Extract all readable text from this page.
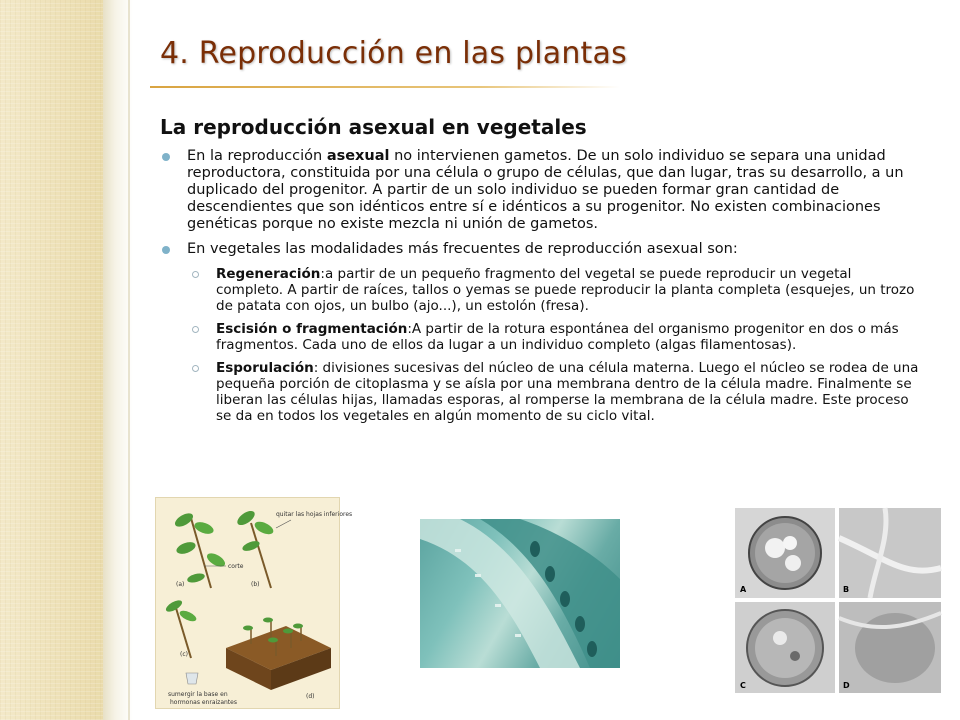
4. Reproducción en las plantas
La reproducción asexual en vegetales

En la reproducción asexual no intervienen gametos. De un solo individuo se separa una unidad reproductora, constituida por una célula o grupo de células, que dan lugar, tras su desarrollo, a un duplicado del progenitor. A partir de un solo individuo se pueden formar gran cantidad de descendientes que son idénticos entre sí e idénticos a su progenitor. No existen combinaciones genéticas porque no existe mezcla ni unión de gametos.

En vegetales las modalidades más frecuentes de reproducción asexual son:

Regeneración:a partir de un pequeño fragmento del vegetal se puede reproducir un vegetal completo. A partir de raíces, tallos o yemas se puede reproducir la planta completa (esquejes, un trozo de patata con ojos, un bulbo (ajo...), un estolón (fresa).

Escisión o fragmentación:A partir de la rotura espontánea del organismo progenitor en dos o más fragmentos. Cada uno de ellos da lugar a un individuo completo (algas filamentosas).

Esporulación: divisiones sucesivas del núcleo de una célula materna. Luego el núcleo se rodea de una pequeña porción de citoplasma y se aísla por una membrana dentro de la célula madre. Finalmente se liberan las células hijas, llamadas esporas, al romperse la membrana de la célula madre. Este proceso se da en todos los vegetales en algún momento de su ciclo vital.

corte
(a)
quitar las hojas inferiores
(b)
(c)
sumergir la base en
hormonas enraizantes
(d)
A	B
C	D
